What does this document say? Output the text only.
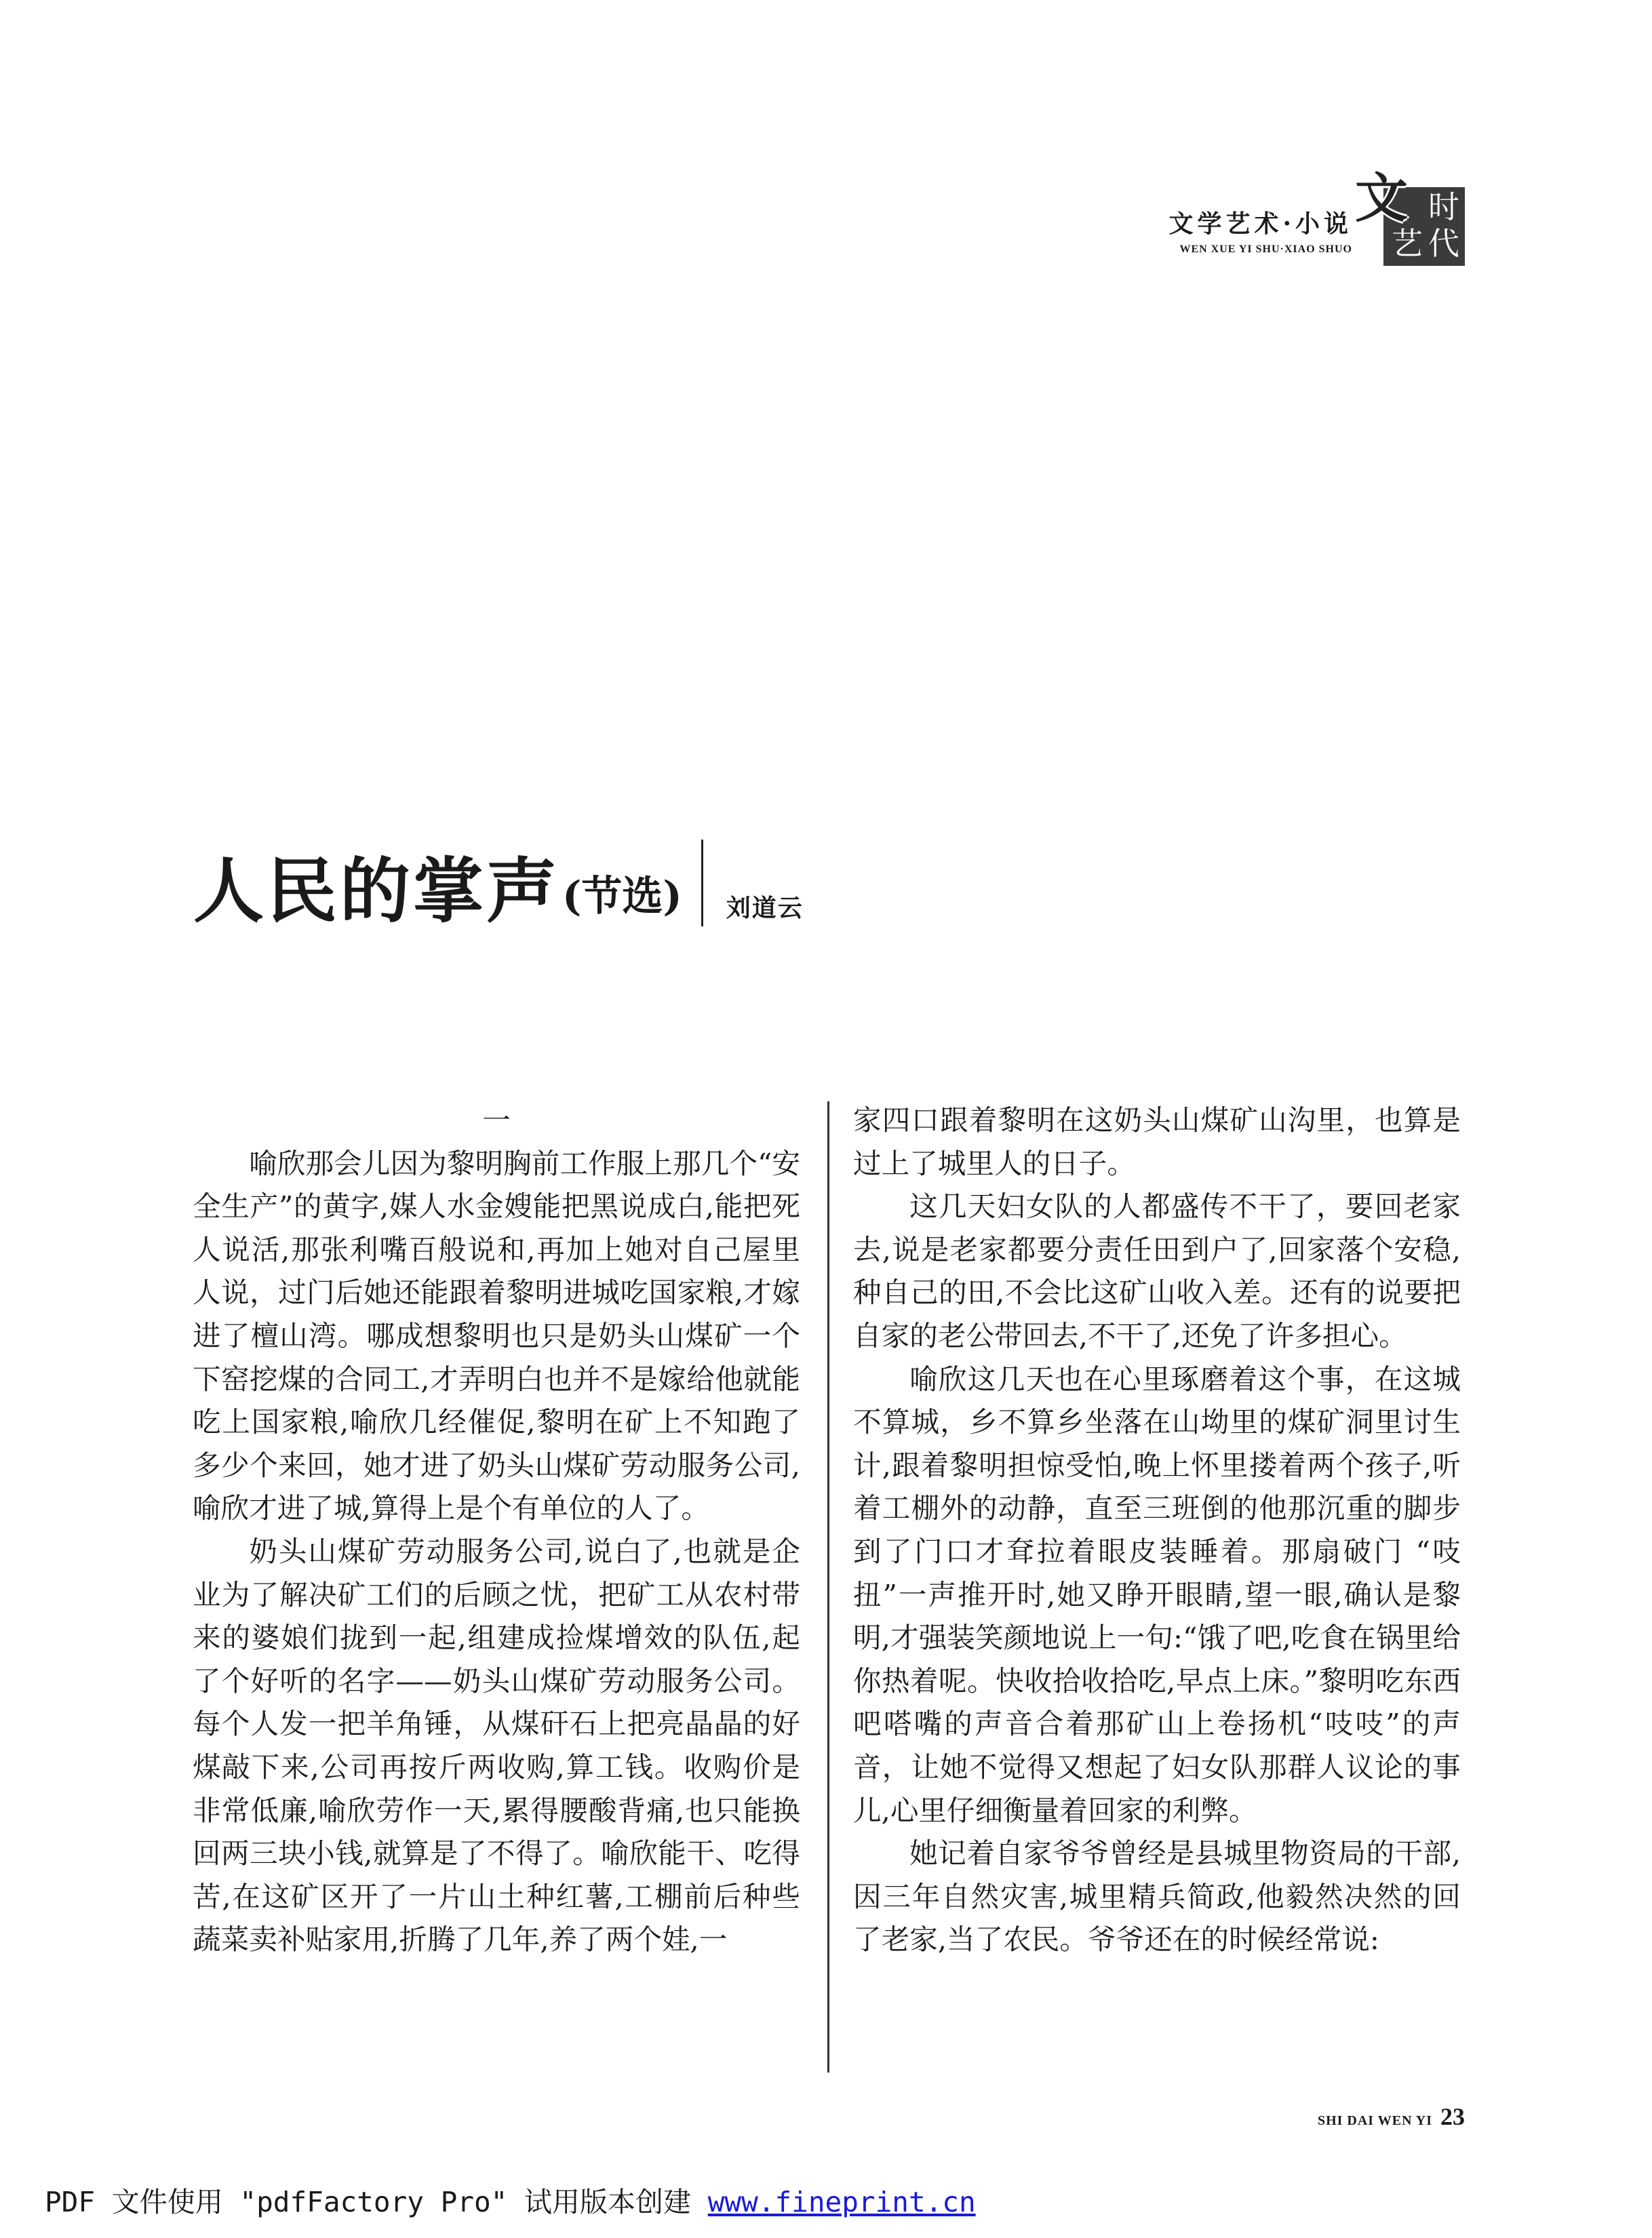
文学艺术·小说
WEN XUE YI SHU·XIAO SHUO
时
代
艺
文
人民的掌声 (节选) 刘道云
一

喻欣那会儿因为黎明胸前工作服上那几个“安全生产”的黄字,媒人水金嫂能把黑说成白,能把死人说活,那张利嘴百般说和,再加上她对自己屋里人说，过门后她还能跟着黎明进城吃国家粮,才嫁进了檀山湾。哪成想黎明也只是奶头山煤矿一个下窑挖煤的合同工,才弄明白也并不是嫁给他就能吃上国家粮,喻欣几经催促,黎明在矿上不知跑了多少个来回，她才进了奶头山煤矿劳动服务公司,喻欣才进了城,算得上是个有单位的人了。

奶头山煤矿劳动服务公司,说白了,也就是企业为了解决矿工们的后顾之忧，把矿工从农村带来的婆娘们拢到一起,组建成捡煤增效的队伍,起了个好听的名字——奶头山煤矿劳动服务公司。每个人发一把羊角锤，从煤矸石上把亮晶晶的好煤敲下来,公司再按斤两收购,算工钱。收购价是非常低廉,喻欣劳作一天,累得腰酸背痛,也只能换回两三块小钱,就算是了不得了。喻欣能干、吃得苦,在这矿区开了一片山土种红薯,工棚前后种些蔬菜卖补贴家用,折腾了几年,养了两个娃,一

家四口跟着黎明在这奶头山煤矿山沟里，也算是过上了城里人的日子。

这几天妇女队的人都盛传不干了，要回老家去,说是老家都要分责任田到户了,回家落个安稳,种自己的田,不会比这矿山收入差。还有的说要把自家的老公带回去,不干了,还免了许多担心。

喻欣这几天也在心里琢磨着这个事，在这城不算城，乡不算乡坐落在山坳里的煤矿洞里讨生计,跟着黎明担惊受怕,晚上怀里搂着两个孩子,听着工棚外的动静，直至三班倒的他那沉重的脚步到了门口才耷拉着眼皮装睡着。那扇破门 “吱扭”一声推开时,她又睁开眼睛,望一眼,确认是黎明,才强装笑颜地说上一句:“饿了吧,吃食在锅里给你热着呢。快收拾收拾吃,早点上床。”黎明吃东西吧嗒嘴的声音合着那矿山上卷扬机“吱吱”的声音，让她不觉得又想起了妇女队那群人议论的事儿,心里仔细衡量着回家的利弊。

她记着自家爷爷曾经是县城里物资局的干部,因三年自然灾害,城里精兵简政,他毅然决然的回了老家,当了农民。爷爷还在的时候经常说:

SHI DAI WEN YI 23
PDF 文件使用 "pdfFactory Pro" 试用版本创建 www.fineprint.cn
